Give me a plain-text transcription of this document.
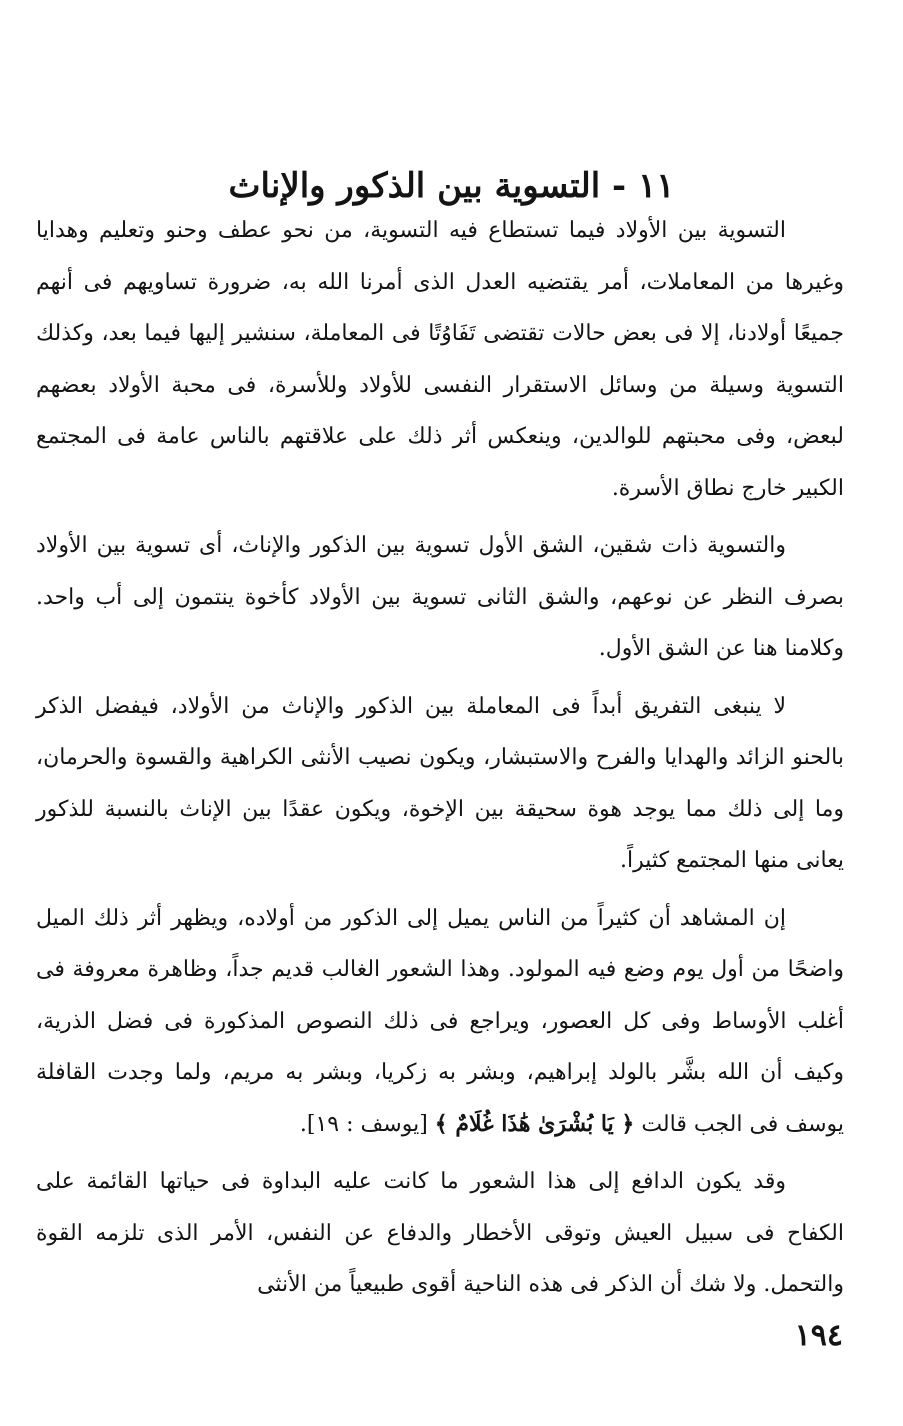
١١ - التسوية بين الذكور والإناث

التسوية بين الأولاد فيما تستطاع فيه التسوية، من نحو عطف وحنو وتعليم وهدايا وغيرها من المعاملات، أمر يقتضيه العدل الذى أمرنا الله به، ضرورة تساويهم فى أنهم جميعًا أولادنا، إلا فى بعض حالات تقتضى تَفَاوُتًا فى المعاملة، سنشير إليها فيما بعد، وكذلك التسوية وسيلة من وسائل الاستقرار النفسى للأولاد وللأسرة، فى محبة الأولاد بعضهم لبعض، وفى محبتهم للوالدين، وينعكس أثر ذلك على علاقتهم بالناس عامة فى المجتمع الكبير خارج نطاق الأسرة.

والتسوية ذات شقين، الشق الأول تسوية بين الذكور والإناث، أى تسوية بين الأولاد بصرف النظر عن نوعهم، والشق الثانى تسوية بين الأولاد كأخوة ينتمون إلى أب واحد. وكلامنا هنا عن الشق الأول.

لا ينبغى التفريق أبداً فى المعاملة بين الذكور والإناث من الأولاد، فيفضل الذكر بالحنو الزائد والهدايا والفرح والاستبشار، ويكون نصيب الأنثى الكراهية والقسوة والحرمان، وما إلى ذلك مما يوجد هوة سحيقة بين الإخوة، ويكون عقدًا بين الإناث بالنسبة للذكور يعانى منها المجتمع كثيراً.

إن المشاهد أن كثيراً من الناس يميل إلى الذكور من أولاده، ويظهر أثر ذلك الميل واضحًا من أول يوم وضع فيه المولود. وهذا الشعور الغالب قديم جداً، وظاهرة معروفة فى أغلب الأوساط وفى كل العصور، ويراجع فى ذلك النصوص المذكورة فى فضل الذرية، وكيف أن الله بشَّر بالولد إبراهيم، وبشر به زكريا، وبشر به مريم، ولما وجدت القافلة يوسف فى الجب قالت ﴿ يَا بُشْرَىٰ هَٰذَا غُلَامٌ ﴾ [يوسف : ١٩].

وقد يكون الدافع إلى هذا الشعور ما كانت عليه البداوة فى حياتها القائمة على الكفاح فى سبيل العيش وتوقى الأخطار والدفاع عن النفس، الأمر الذى تلزمه القوة والتحمل. ولا شك أن الذكر فى هذه الناحية أقوى طبيعياً من الأنثى

١٩٤
